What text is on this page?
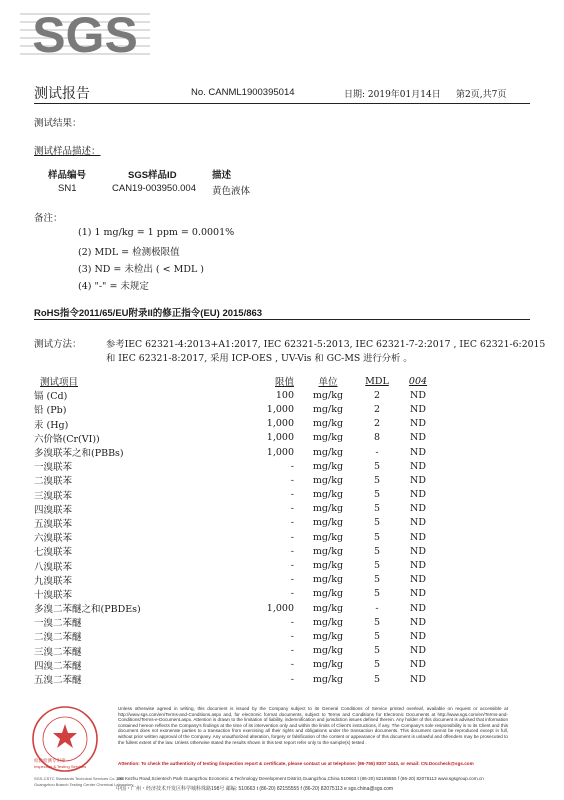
SGS
测试报告	No. CANML1900395014	日期: 2019年01月14日 第2页,共7页
测试结果：
测试样品描述：
样品编号	SGS样品ID	描述
SN1	CAN19-003950.004 黄色液体
备注：
(1) 1 mg/kg = 1 ppm = 0.0001%
(2) MDL = 检测极限值
(3) ND = 未检出 ( < MDL )
(4) "-" = 未规定
RoHS指令2011/65/EU附录II的修正指令(EU) 2015/863
测试方法：	参考IEC 62321-4:2013+A1:2017, IEC 62321-5:2013, IEC 62321-7-2:2017 , IEC 62321-6:2015
和 IEC 62321-8:2017, 采用 ICP-OES , UV-Vis 和 GC-MS 进行分析 。
测试项目	限值	单位	MDL	004
镉 (Cd)	100	mg/kg	2	ND
铅 (Pb)	1,000	mg/kg	2	ND
汞 (Hg)	1,000	mg/kg	2	ND
六价铬(Cr(VI))	1,000	mg/kg	8	ND
多溴联苯之和(PBBs)	1,000	mg/kg	-	ND
一溴联苯	-	mg/kg	5	ND
二溴联苯	-	mg/kg	5	ND
三溴联苯	-	mg/kg	5	ND
四溴联苯	-	mg/kg	5	ND
五溴联苯	-	mg/kg	5	ND
六溴联苯	-	mg/kg	5	ND
七溴联苯	-	mg/kg	5	ND
八溴联苯	-	mg/kg	5	ND
九溴联苯	-	mg/kg	5	ND
十溴联苯	-	mg/kg	5	ND
多溴二苯醚之和(PBDEs)	1,000	mg/kg	-	ND
一溴二苯醚	-	mg/kg	5	ND
二溴二苯醚	-	mg/kg	5	ND
三溴二苯醚	-	mg/kg	5	ND
四溴二苯醚	-	mg/kg	5	ND
五溴二苯醚	-	mg/kg	5	ND
检验检测专用章
Inspection & Testing Services
SGS-CSTC Standards Technical Services Co., Ltd.
Guangzhou Branch Testing Center Chemical Laboratory
Unless otherwise agreed in writing, this document is issued by the Company subject to its General Conditions of Service printed overleaf, available on request or accessible at http://www.sgs.com/en/Terms-and-Conditions.aspx and, for electronic format documents, subject to Terms and Conditions for Electronic Documents at http://www.sgs.com/en/Terms-and-Conditions/Terms-e-Document.aspx. Attention is drawn to the limitation of liability, indemnification and jurisdiction issues defined therein. Any holder of this document is advised that information contained hereon reflects the Company's findings at the time of its intervention only and within the limits of Client's instructions, if any. The Company's sole responsibility is to its Client and this document does not exonerate parties to a transaction from exercising all their rights and obligations under the transaction documents. This document cannot be reproduced except in full, without prior written approval of the Company. Any unauthorized alteration, forgery or falsification of the content or appearance of this document is unlawful and offenders may be prosecuted to the fullest extent of the law. Unless otherwise stated the results shown in this test report refer only to the sample(s) tested .
Attention: To check the authenticity of testing /inspection report & certificate, please contact us at telephone: (86-755) 8307 1443, or email: CN.Doccheck@sgs.com
198 Kezhu Road,Scientech Park Guangzhou Economic & Technology Development District,Guangzhou,China 510663 t (86-20) 82155555 f (86-20) 82075113 www.sgsgroup.com.cn
中国・广州・经济技术开发区科学城科珠路198号 邮编: 510663 t (86-20) 82155555 f (86-20) 82075113 e sgs.china@sgs.com
